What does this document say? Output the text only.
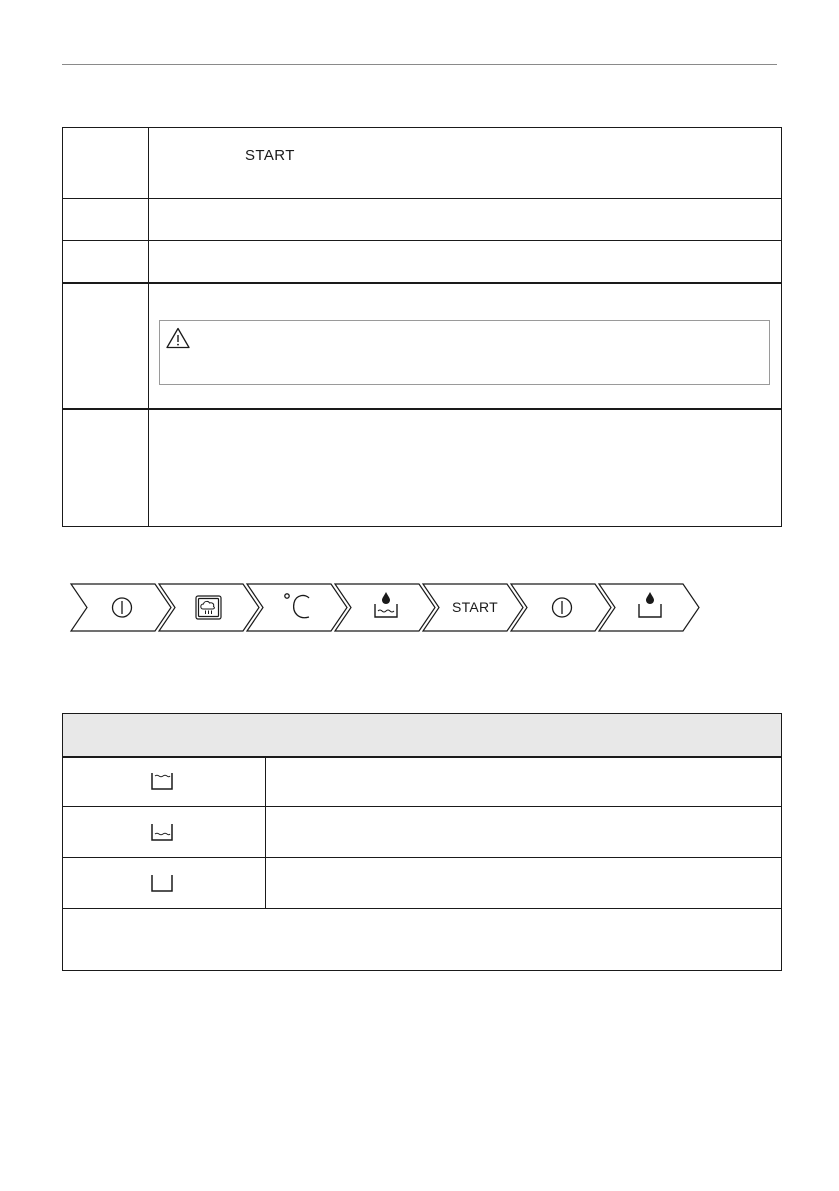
START
START
